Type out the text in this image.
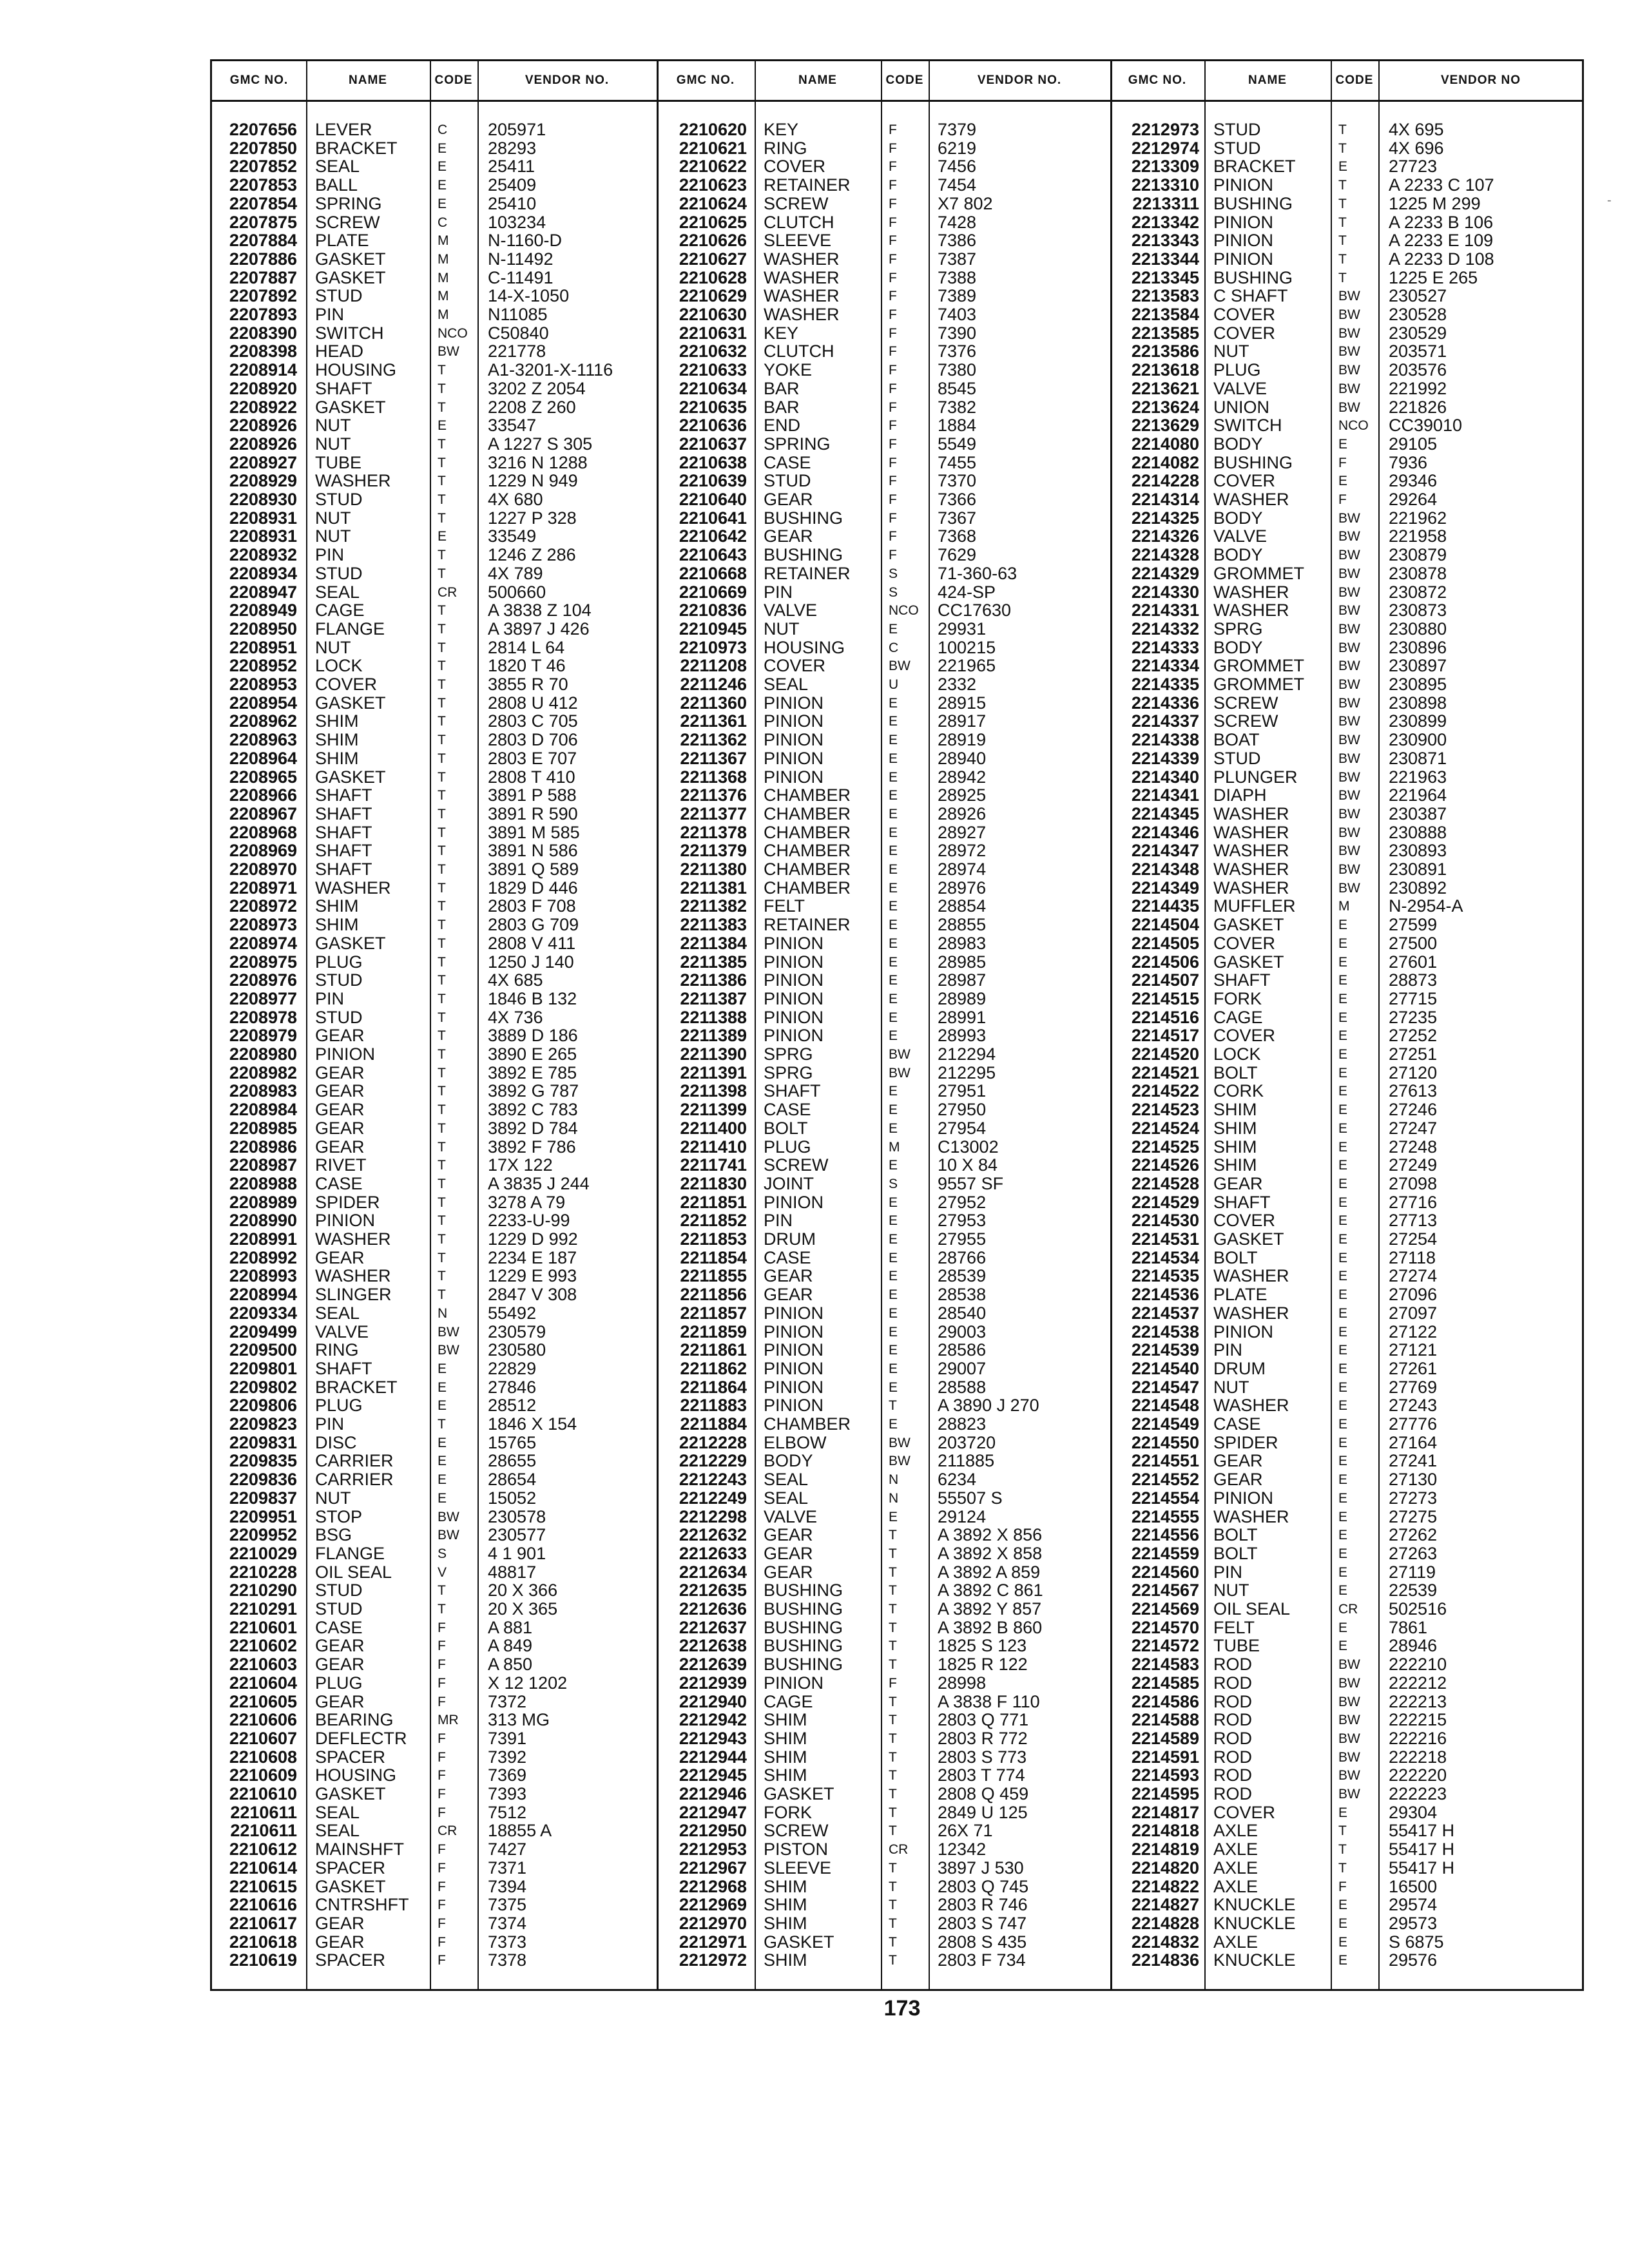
GMC NO.	NAME	CODE	VENDOR NO.	GMC NO.	NAME	CODE	VENDOR NO.	GMC NO.	NAME	CODE	VENDOR NO
2207656 LEVER	C	205971
2207850 BRACKET	E	28293
2207852 SEAL	E	25411
2207853 BALL	E	25409
2207854 SPRING	E	25410
2207875 SCREW	C	103234
2207884 PLATE	M	N-1160-D
2207886 GASKET	M	N-11492
2207887 GASKET	M	C-11491
2207892 STUD	M	14-X-1050
2207893 PIN	M	N11085
2208390 SWITCH	NCO	C50840
2208398 HEAD	BW	221778
2208914 HOUSING	T	A1-3201-X-1116
2208920 SHAFT	T	3202 Z 2054
2208922 GASKET	T	2208 Z 260
2208926 NUT	E	33547
2208926 NUT	T	A 1227 S 305
2208927 TUBE	T	3216 N 1288
2208929 WASHER	T	1229 N 949
2208930 STUD	T	4X 680
2208931 NUT	T	1227 P 328
2208931 NUT	E	33549
2208932 PIN	T	1246 Z 286
2208934 STUD	T	4X 789
2208947 SEAL	CR	500660
2208949 CAGE	T	A 3838 Z 104
2208950 FLANGE	T	A 3897 J 426
2208951 NUT	T	2814 L 64
2208952 LOCK	T	1820 T 46
2208953 COVER	T	3855 R 70
2208954 GASKET	T	2808 U 412
2208962 SHIM	T	2803 C 705
2208963 SHIM	T	2803 D 706
2208964 SHIM	T	2803 E 707
2208965 GASKET	T	2808 T 410
2208966 SHAFT	T	3891 P 588
2208967 SHAFT	T	3891 R 590
2208968 SHAFT	T	3891 M 585
2208969 SHAFT	T	3891 N 586
2208970 SHAFT	T	3891 Q 589
2208971 WASHER	T	1829 D 446
2208972 SHIM	T	2803 F 708
2208973 SHIM	T	2803 G 709
2208974 GASKET	T	2808 V 411
2208975 PLUG	T	1250 J 140
2208976 STUD	T	4X 685
2208977 PIN	T	1846 B 132
2208978 STUD	T	4X 736
2208979 GEAR	T	3889 D 186
2208980 PINION	T	3890 E 265
2208982 GEAR	T	3892 E 785
2208983 GEAR	T	3892 G 787
2208984 GEAR	T	3892 C 783
2208985 GEAR	T	3892 D 784
2208986 GEAR	T	3892 F 786
2208987 RIVET	T	17X 122
2208988 CASE	T	A 3835 J 244
2208989 SPIDER	T	3278 A 79
2208990 PINION	T	2233-U-99
2208991 WASHER	T	1229 D 992
2208992 GEAR	T	2234 E 187
2208993 WASHER	T	1229 E 993
2208994 SLINGER	T	2847 V 308
2209334 SEAL	N	55492
2209499 VALVE	BW	230579
2209500 RING	BW	230580
2209801 SHAFT	E	22829
2209802 BRACKET	E	27846
2209806 PLUG	E	28512
2209823 PIN	T	1846 X 154
2209831 DISC	E	15765
2209835 CARRIER	E	28655
2209836 CARRIER	E	28654
2209837 NUT	E	15052
2209951 STOP	BW	230578
2209952 BSG	BW	230577
2210029 FLANGE	S	4 1 901
2210228 OIL SEAL	V	48817
2210290 STUD	T	20 X 366
2210291 STUD	T	20 X 365
2210601 CASE	F	A 881
2210602 GEAR	F	A 849
2210603 GEAR	F	A 850
2210604 PLUG	F	X 12 1202
2210605 GEAR	F	7372
2210606 BEARING	MR	313 MG
2210607 DEFLECTR	F	7391
2210608 SPACER	F	7392
2210609 HOUSING	F	7369
2210610 GASKET	F	7393
2210611 SEAL	F	7512
2210611 SEAL	CR	18855 A
2210612 MAINSHFT	F	7427
2210614 SPACER	F	7371
2210615 GASKET	F	7394
2210616 CNTRSHFT	F	7375
2210617 GEAR	F	7374
2210618 GEAR	F	7373
2210619 SPACER	F	7378
2210620 KEY	F	7379
2210621 RING	F	6219
2210622 COVER	F	7456
2210623 RETAINER	F	7454
2210624 SCREW	F	X7 802
2210625 CLUTCH	F	7428
2210626 SLEEVE	F	7386
2210627 WASHER	F	7387
2210628 WASHER	F	7388
2210629 WASHER	F	7389
2210630 WASHER	F	7403
2210631 KEY	F	7390
2210632 CLUTCH	F	7376
2210633 YOKE	F	7380
2210634 BAR	F	8545
2210635 BAR	F	7382
2210636 END	F	1884
2210637 SPRING	F	5549
2210638 CASE	F	7455
2210639 STUD	F	7370
2210640 GEAR	F	7366
2210641 BUSHING	F	7367
2210642 GEAR	F	7368
2210643 BUSHING	F	7629
2210668 RETAINER	S	71-360-63
2210669 PIN	S	424-SP
2210836 VALVE	NCO	CC17630
2210945 NUT	E	29931
2210973 HOUSING	C	100215
2211208 COVER	BW	221965
2211246 SEAL	U	2332
2211360 PINION	E	28915
2211361 PINION	E	28917
2211362 PINION	E	28919
2211367 PINION	E	28940
2211368 PINION	E	28942
2211376 CHAMBER	E	28925
2211377 CHAMBER	E	28926
2211378 CHAMBER	E	28927
2211379 CHAMBER	E	28972
2211380 CHAMBER	E	28974
2211381 CHAMBER	E	28976
2211382 FELT	E	28854
2211383 RETAINER	E	28855
2211384 PINION	E	28983
2211385 PINION	E	28985
2211386 PINION	E	28987
2211387 PINION	E	28989
2211388 PINION	E	28991
2211389 PINION	E	28993
2211390 SPRG	BW	212294
2211391 SPRG	BW	212295
2211398 SHAFT	E	27951
2211399 CASE	E	27950
2211400 BOLT	E	27954
2211410 PLUG	M	C13002
2211741 SCREW	E	10 X 84
2211830 JOINT	S	9557 SF
2211851 PINION	E	27952
2211852 PIN	E	27953
2211853 DRUM	E	27955
2211854 CASE	E	28766
2211855 GEAR	E	28539
2211856 GEAR	E	28538
2211857 PINION	E	28540
2211859 PINION	E	29003
2211861 PINION	E	28586
2211862 PINION	E	29007
2211864 PINION	E	28588
2211883 PINION	T	A 3890 J 270
2211884 CHAMBER	E	28823
2212228 ELBOW	BW	203720
2212229 BODY	BW	211885
2212243 SEAL	N	6234
2212249 SEAL	N	55507 S
2212298 VALVE	E	29124
2212632 GEAR	T	A 3892 X 856
2212633 GEAR	T	A 3892 X 858
2212634 GEAR	T	A 3892 A 859
2212635 BUSHING	T	A 3892 C 861
2212636 BUSHING	T	A 3892 Y 857
2212637 BUSHING	T	A 3892 B 860
2212638 BUSHING	T	1825 S 123
2212639 BUSHING	T	1825 R 122
2212939 PINION	F	28998
2212940 CAGE	T	A 3838 F 110
2212942 SHIM	T	2803 Q 771
2212943 SHIM	T	2803 R 772
2212944 SHIM	T	2803 S 773
2212945 SHIM	T	2803 T 774
2212946 GASKET	T	2808 Q 459
2212947 FORK	T	2849 U 125
2212950 SCREW	T	26X 71
2212953 PISTON	CR	12342
2212967 SLEEVE	T	3897 J 530
2212968 SHIM	T	2803 Q 745
2212969 SHIM	T	2803 R 746
2212970 SHIM	T	2803 S 747
2212971 GASKET	T	2808 S 435
2212972 SHIM	T	2803 F 734
2212973 STUD	T	4X 695
2212974 STUD	T	4X 696
2213309 BRACKET	E	27723
2213310 PINION	T	A 2233 C 107
2213311 BUSHING	T	1225 M 299
2213342 PINION	T	A 2233 B 106
2213343 PINION	T	A 2233 E 109
2213344 PINION	T	A 2233 D 108
2213345 BUSHING	T	1225 E 265
2213583 C SHAFT	BW	230527
2213584 COVER	BW	230528
2213585 COVER	BW	230529
2213586 NUT	BW	203571
2213618 PLUG	BW	203576
2213621 VALVE	BW	221992
2213624 UNION	BW	221826
2213629 SWITCH	NCO	CC39010
2214080 BODY	E	29105
2214082 BUSHING	F	7936
2214228 COVER	E	29346
2214314 WASHER	F	29264
2214325 BODY	BW	221962
2214326 VALVE	BW	221958
2214328 BODY	BW	230879
2214329 GROMMET	BW	230878
2214330 WASHER	BW	230872
2214331 WASHER	BW	230873
2214332 SPRG	BW	230880
2214333 BODY	BW	230896
2214334 GROMMET	BW	230897
2214335 GROMMET	BW	230895
2214336 SCREW	BW	230898
2214337 SCREW	BW	230899
2214338 BOAT	BW	230900
2214339 STUD	BW	230871
2214340 PLUNGER	BW	221963
2214341 DIAPH	BW	221964
2214345 WASHER	BW	230387
2214346 WASHER	BW	230888
2214347 WASHER	BW	230893
2214348 WASHER	BW	230891
2214349 WASHER	BW	230892
2214435 MUFFLER	M	N-2954-A
2214504 GASKET	E	27599
2214505 COVER	E	27500
2214506 GASKET	E	27601
2214507 SHAFT	E	28873
2214515 FORK	E	27715
2214516 CAGE	E	27235
2214517 COVER	E	27252
2214520 LOCK	E	27251
2214521 BOLT	E	27120
2214522 CORK	E	27613
2214523 SHIM	E	27246
2214524 SHIM	E	27247
2214525 SHIM	E	27248
2214526 SHIM	E	27249
2214528 GEAR	E	27098
2214529 SHAFT	E	27716
2214530 COVER	E	27713
2214531 GASKET	E	27254
2214534 BOLT	E	27118
2214535 WASHER	E	27274
2214536 PLATE	E	27096
2214537 WASHER	E	27097
2214538 PINION	E	27122
2214539 PIN	E	27121
2214540 DRUM	E	27261
2214547 NUT	E	27769
2214548 WASHER	E	27243
2214549 CASE	E	27776
2214550 SPIDER	E	27164
2214551 GEAR	E	27241
2214552 GEAR	E	27130
2214554 PINION	E	27273
2214555 WASHER	E	27275
2214556 BOLT	E	27262
2214559 BOLT	E	27263
2214560 PIN	E	27119
2214567 NUT	E	22539
2214569 OIL SEAL	CR	502516
2214570 FELT	E	7861
2214572 TUBE	E	28946
2214583 ROD	BW	222210
2214585 ROD	BW	222212
2214586 ROD	BW	222213
2214588 ROD	BW	222215
2214589 ROD	BW	222216
2214591 ROD	BW	222218
2214593 ROD	BW	222220
2214595 ROD	BW	222223
2214817 COVER	E	29304
2214818 AXLE	T	55417 H
2214819 AXLE	T	55417 H
2214820 AXLE	T	55417 H
2214822 AXLE	F	16500
2214827 KNUCKLE	E	29574
2214828 KNUCKLE	E	29573
2214832 AXLE	E	S 6875
2214836 KNUCKLE	E	29576
173
-
